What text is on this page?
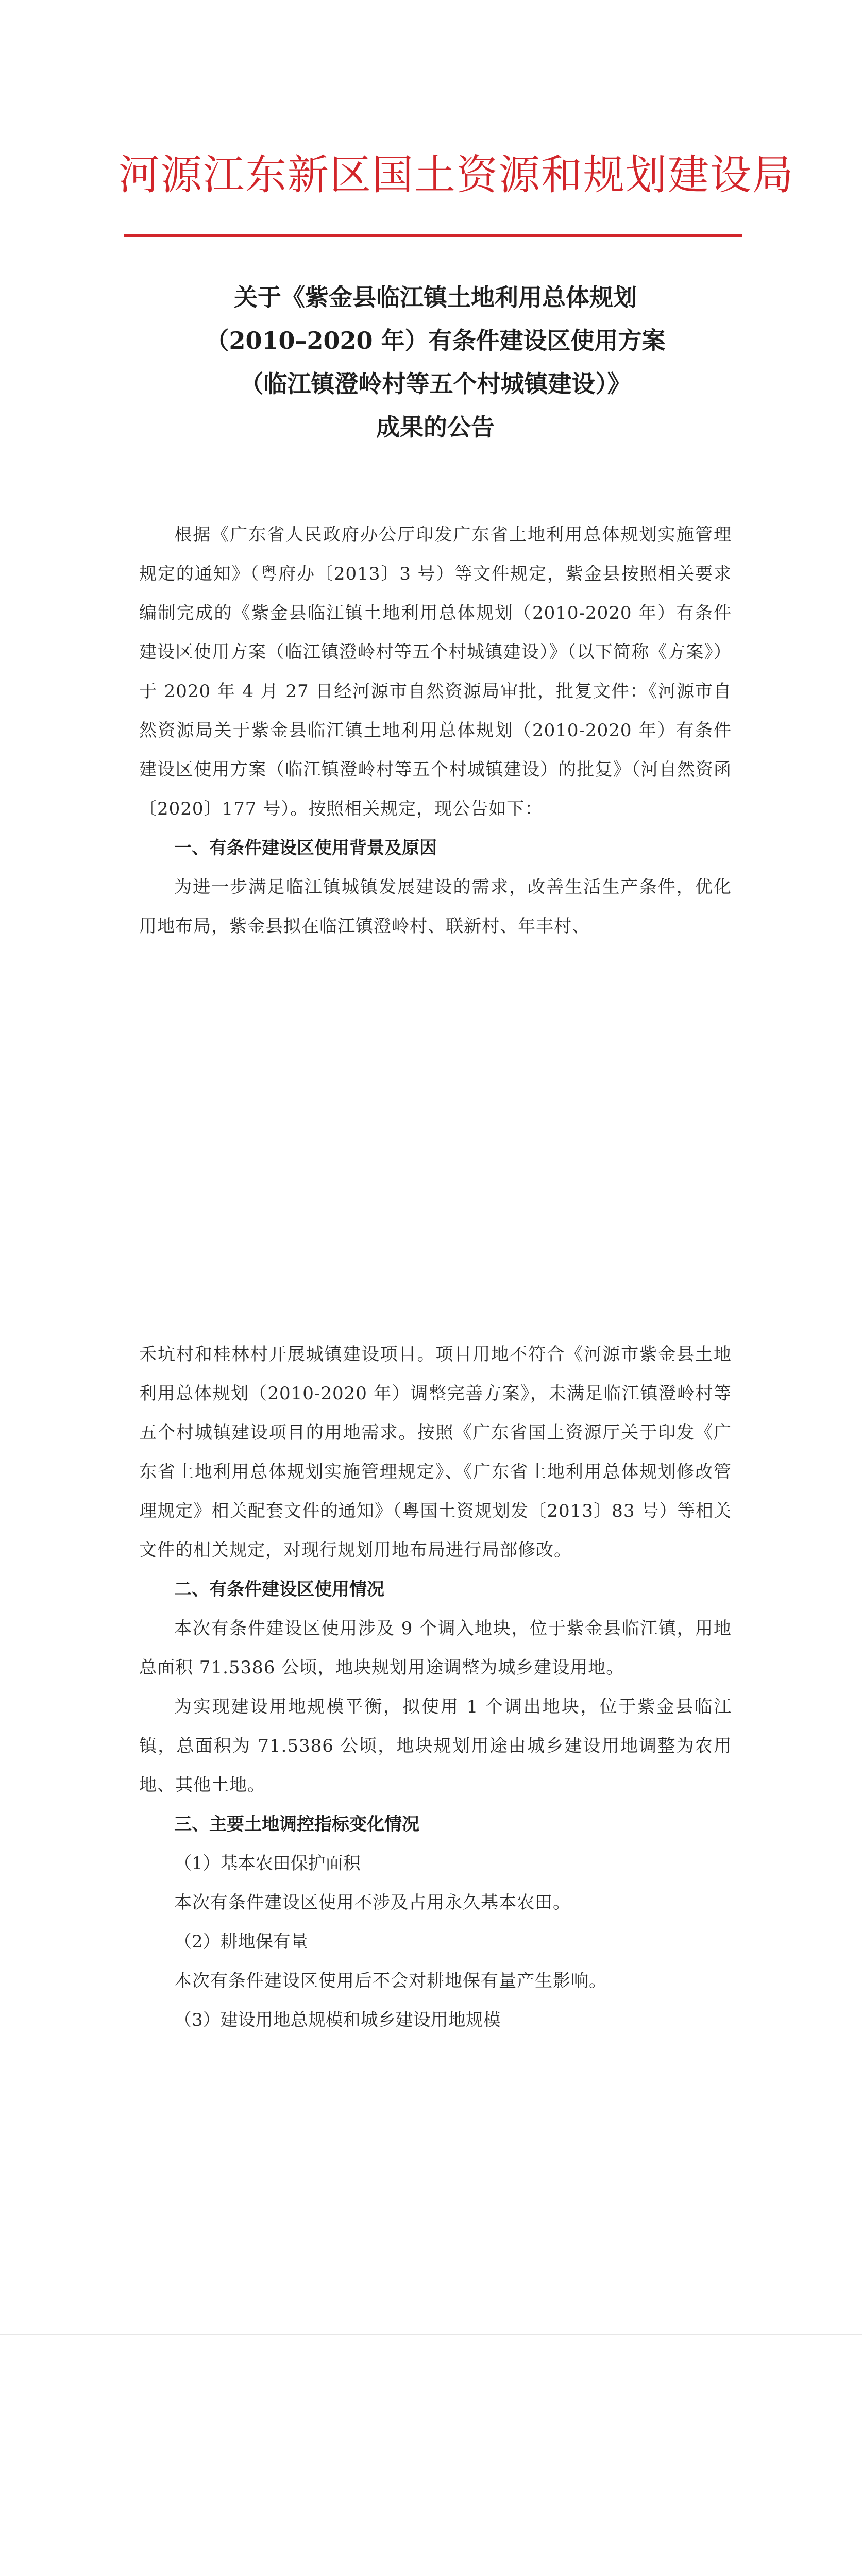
河源江东新区国土资源和规划建设局
关于《紫金县临江镇土地利用总体规划
（2010–2020 年）有条件建设区使用方案
（临江镇澄岭村等五个村城镇建设）》
成果的公告

根据《广东省人民政府办公厅印发广东省土地利用总体规划实施管理规定的通知》（粤府办〔2013〕3 号）等文件规定，紫金县按照相关要求编制完成的《紫金县临江镇土地利用总体规划（2010-2020 年）有条件建设区使用方案（临江镇澄岭村等五个村城镇建设）》（以下简称《方案》）于 2020 年 4 月 27 日经河源市自然资源局审批，批复文件：《河源市自然资源局关于紫金县临江镇土地利用总体规划（2010-2020 年）有条件建设区使用方案（临江镇澄岭村等五个村城镇建设）的批复》（河自然资函〔2020〕177 号）。按照相关规定，现公告如下：

一、有条件建设区使用背景及原因

为进一步满足临江镇城镇发展建设的需求，改善生活生产条件，优化用地布局，紫金县拟在临江镇澄岭村、联新村、年丰村、

禾坑村和桂林村开展城镇建设项目。项目用地不符合《河源市紫金县土地利用总体规划（2010-2020 年）调整完善方案》，未满足临江镇澄岭村等五个村城镇建设项目的用地需求。按照《广东省国土资源厅关于印发《广东省土地利用总体规划实施管理规定》、《广东省土地利用总体规划修改管理规定》相关配套文件的通知》（粤国土资规划发〔2013〕83 号）等相关文件的相关规定，对现行规划用地布局进行局部修改。

二、有条件建设区使用情况

本次有条件建设区使用涉及 9 个调入地块，位于紫金县临江镇，用地总面积 71.5386 公顷，地块规划用途调整为城乡建设用地。

为实现建设用地规模平衡，拟使用 1 个调出地块，位于紫金县临江镇，总面积为 71.5386 公顷，地块规划用途由城乡建设用地调整为农用地、其他土地。

三、主要土地调控指标变化情况

（1）基本农田保护面积

本次有条件建设区使用不涉及占用永久基本农田。

（2）耕地保有量

本次有条件建设区使用后不会对耕地保有量产生影响。

（3）建设用地总规模和城乡建设用地规模
